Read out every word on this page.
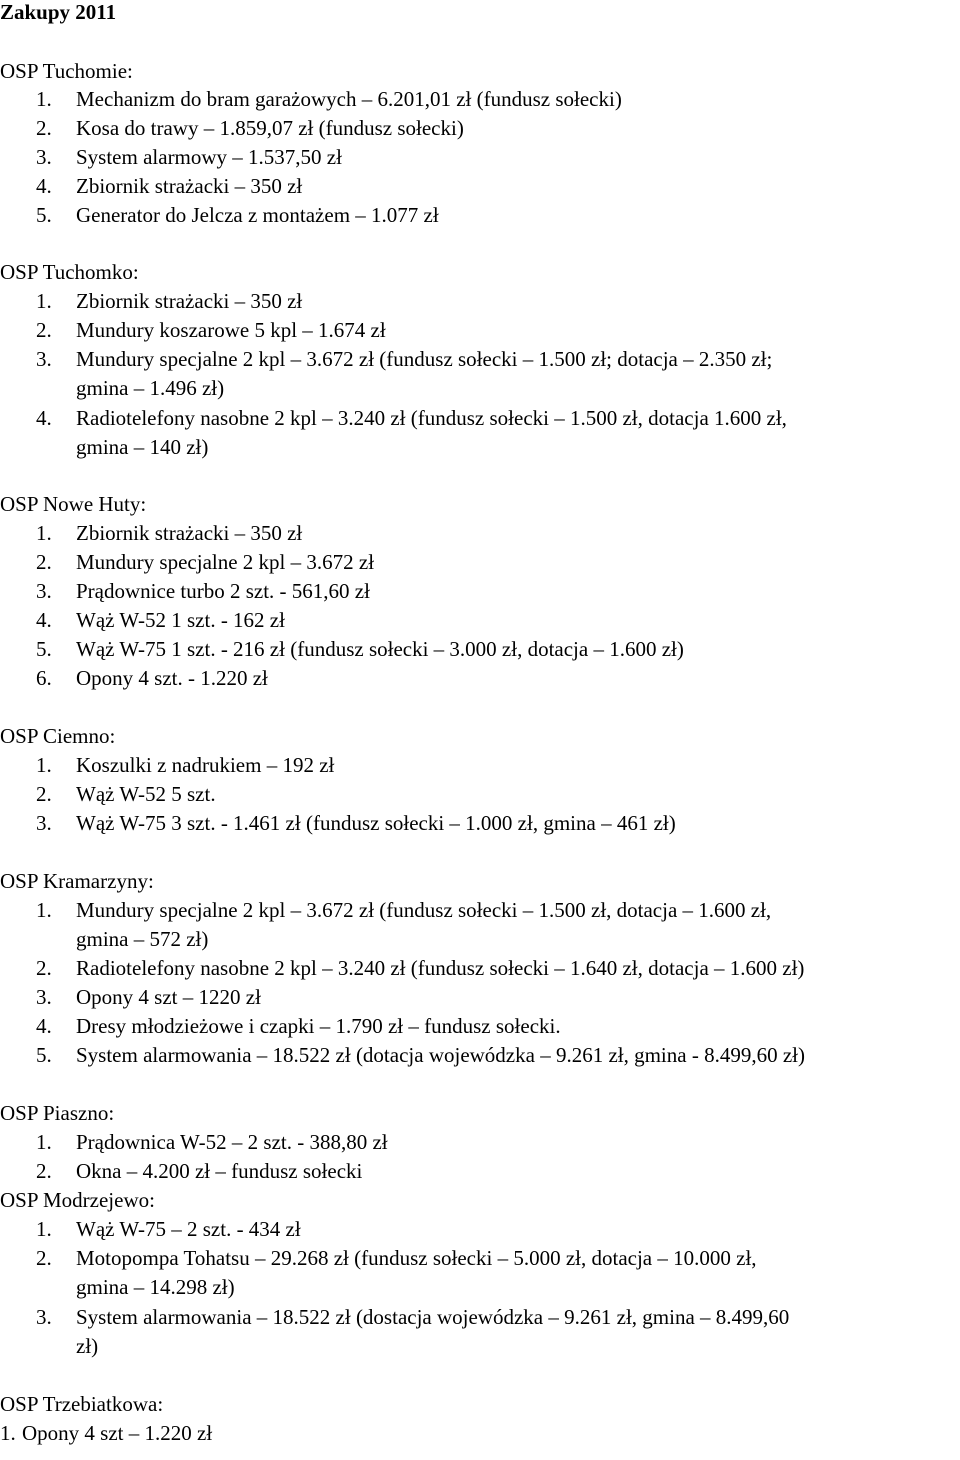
Zakupy 2011
OSP Tuchomie:
1. Mechanizm do bram garażowych – 6.201,01 zł (fundusz sołecki)
2. Kosa do trawy – 1.859,07 zł (fundusz sołecki)
3. System alarmowy – 1.537,50 zł
4. Zbiornik strażacki – 350 zł
5. Generator do Jelcza z montażem – 1.077 zł
OSP Tuchomko:
1. Zbiornik strażacki – 350 zł
2. Mundury koszarowe 5 kpl – 1.674 zł
3. Mundury specjalne 2 kpl – 3.672 zł (fundusz sołecki – 1.500 zł; dotacja – 2.350 zł;
gmina – 1.496 zł)
4. Radiotelefony nasobne 2 kpl – 3.240 zł (fundusz sołecki – 1.500 zł, dotacja 1.600 zł,
gmina – 140 zł)
OSP Nowe Huty:
1. Zbiornik strażacki – 350 zł
2. Mundury specjalne 2 kpl – 3.672 zł
3. Prądownice turbo 2 szt. - 561,60 zł
4. Wąż W-52 1 szt. - 162 zł
5. Wąż W-75 1 szt. - 216 zł (fundusz sołecki – 3.000 zł, dotacja – 1.600 zł)
6. Opony 4 szt. - 1.220 zł
OSP Ciemno:
1. Koszulki z nadrukiem – 192 zł
2. Wąż W-52 5 szt.
3. Wąż W-75 3 szt. - 1.461 zł (fundusz sołecki – 1.000 zł, gmina – 461 zł)
OSP Kramarzyny:
1. Mundury specjalne 2 kpl – 3.672 zł (fundusz sołecki – 1.500 zł, dotacja – 1.600 zł,
gmina – 572 zł)
2. Radiotelefony nasobne 2 kpl – 3.240 zł (fundusz sołecki – 1.640 zł, dotacja – 1.600 zł)
3. Opony 4 szt – 1220 zł
4. Dresy młodzieżowe i czapki – 1.790 zł – fundusz sołecki.
5. System alarmowania – 18.522 zł (dotacja wojewódzka – 9.261 zł, gmina - 8.499,60 zł)
OSP Piaszno:
1. Prądownica W-52 – 2 szt. - 388,80 zł
2. Okna – 4.200 zł – fundusz sołecki
OSP Modrzejewo:
1. Wąż W-75 – 2 szt. - 434 zł
2. Motopompa Tohatsu – 29.268 zł (fundusz sołecki – 5.000 zł, dotacja – 10.000 zł,
gmina – 14.298 zł)
3. System alarmowania – 18.522 zł (dostacja wojewódzka – 9.261 zł, gmina – 8.499,60
zł)
OSP Trzebiatkowa:
1. Opony 4 szt – 1.220 zł
